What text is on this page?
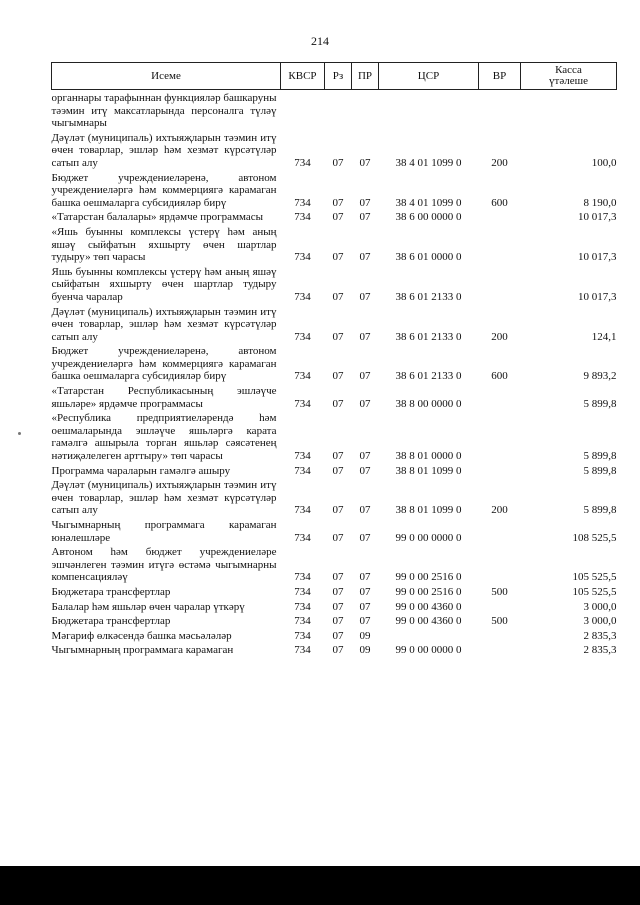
214
Исеме	КВСР	Рз	ПР	ЦСР	ВР	Касса
үтәлеше
органнары тарафыннан функцияләр башкаруны тәэмин итү максатларында персоналга түләү чыгымнары						
Дәүләт (муниципаль) ихтыяҗларын тәэмин итү өчен товарлар, эшләр һәм хезмәт күрсәтүләр сатып алу	734	07	07	38 4 01 1099 0	200	100,0
Бюджет учреждениеләренә, автоном учреждениеләргә һәм коммерциягә карамаган башка оешмаларга субсидияләр бирү	734	07	07	38 4 01 1099 0	600	8 190,0
«Татарстан балалары» ярдәмче программасы	734	07	07	38 6 00 0000 0		10 017,3
«Яшь буынны комплексы үстерү һәм аның яшәү сыйфатын яхшырту өчен шартлар тудыру» төп чарасы	734	07	07	38 6 01 0000 0		10 017,3
Яшь буынны комплексы үстерү һәм аның яшәү сыйфатын яхшырту өчен шартлар тудыру буенча чаралар	734	07	07	38 6 01 2133 0		10 017,3
Дәүләт (муниципаль) ихтыяҗларын тәэмин итү өчен товарлар, эшләр һәм хезмәт күрсәтүләр сатып алу	734	07	07	38 6 01 2133 0	200	124,1
Бюджет учреждениеләренә, автоном учреждениеләргә һәм коммерциягә карамаган башка оешмаларга субсидияләр бирү	734	07	07	38 6 01 2133 0	600	9 893,2
«Татарстан Республикасының эшләүче яшьләре» ярдәмче программасы	734	07	07	38 8 00 0000 0		5 899,8
«Республика предприятиеләрендә һәм оешмаларында эшләүче яшьләргә карата гамәлгә ашырыла торган яшьләр сәясәтенең нәтиҗәлелеген арттыру» төп чарасы	734	07	07	38 8 01 0000 0		5 899,8
Программа чараларын гамәлгә ашыру	734	07	07	38 8 01 1099 0		5 899,8
Дәүләт (муниципаль) ихтыяҗларын тәэмин итү өчен товарлар, эшләр һәм хезмәт күрсәтүләр сатып алу	734	07	07	38 8 01 1099 0	200	5 899,8
Чыгымнарның программага карамаган юнәлешләре	734	07	07	99 0 00 0000 0		108 525,5
Автоном һәм бюджет учреждениеләре эшчәнлеген тәэмин итүгә өстәмә чыгымнарны компенсацияләү	734	07	07	99 0 00 2516 0		105 525,5
Бюджетара трансфертлар	734	07	07	99 0 00 2516 0	500	105 525,5
Балалар һәм яшьләр өчен чаралар үткәрү	734	07	07	99 0 00 4360 0		3 000,0
Бюджетара трансфертлар	734	07	07	99 0 00 4360 0	500	3 000,0
Мәгариф өлкәсендә башка мәсьәләләр	734	07	09			2 835,3
Чыгымнарның программага карамаган	734	07	09	99 0 00 0000 0		2 835,3
